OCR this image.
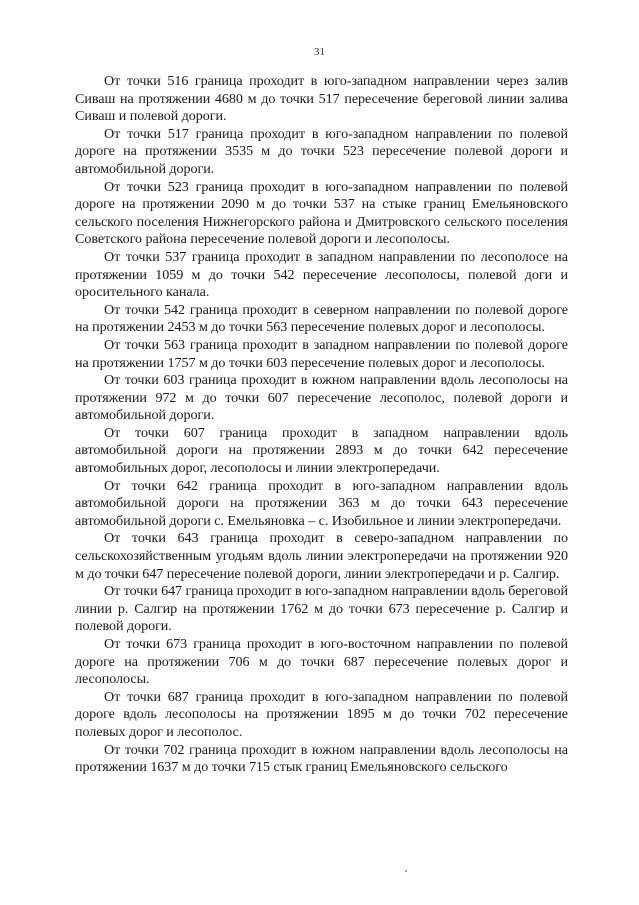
31

От точки 516 граница проходит в юго-западном направлении через залив Сиваш на протяжении 4680 м до точки 517 пересечение береговой линии залива Сиваш и полевой дороги.

От точки 517 граница проходит в юго-западном направлении по полевой дороге на протяжении 3535 м до точки 523 пересечение полевой дороги и автомобильной дороги.

От точки 523 граница проходит в юго-западном направлении по полевой дороге на протяжении 2090 м до точки 537 на стыке границ Емельяновского сельского поселения Нижнегорского района и Дмитровского сельского поселения Советского района пересечение полевой дороги и лесополосы.

От точки 537 граница проходит в западном направлении по лесополосе на протяжении 1059 м до точки 542 пересечение лесополосы, полевой доги и оросительного канала.

От точки 542 граница проходит в северном направлении по полевой дороге на протяжении 2453 м до точки 563 пересечение полевых дорог и лесополосы.

От точки 563 граница проходит в западном направлении по полевой дороге на протяжении 1757 м до точки 603 пересечение полевых дорог и лесополосы.

От точки 603 граница проходит в южном направлении вдоль лесополосы на протяжении 972 м до точки 607 пересечение лесополос, полевой дороги и автомобильной дороги.

От точки 607 граница проходит в западном направлении вдоль автомобильной дороги на протяжении 2893 м до точки 642 пересечение автомобильных дорог, лесополосы и линии электропередачи.

От точки 642 граница проходит в юго-западном направлении вдоль автомобильной дороги на протяжении 363 м до точки 643 пересечение автомобильной дороги с. Емельяновка – с. Изобильное и линии электропередачи.

От точки 643 граница проходит в северо-западном направлении по сельскохозяйственным угодьям вдоль линии электропередачи на протяжении 920 м до точки 647 пересечение полевой дороги, линии электропередачи и р. Салгир.

От точки 647 граница проходит в юго-западном направлении вдоль береговой линии р. Салгир на протяжении 1762 м до точки 673 пересечение р. Салгир и полевой дороги.

От точки 673 граница проходит в юго-восточном направлении по полевой дороге на протяжении 706 м до точки 687 пересечение полевых дорог и лесополосы.

От точки 687 граница проходит в юго-западном направлении по полевой дороге вдоль лесополосы на протяжении 1895 м до точки 702 пересечение полевых дорог и лесополос.

От точки 702 граница проходит в южном направлении вдоль лесополосы на протяжении 1637 м до точки 715 стык границ Емельяновского сельского
